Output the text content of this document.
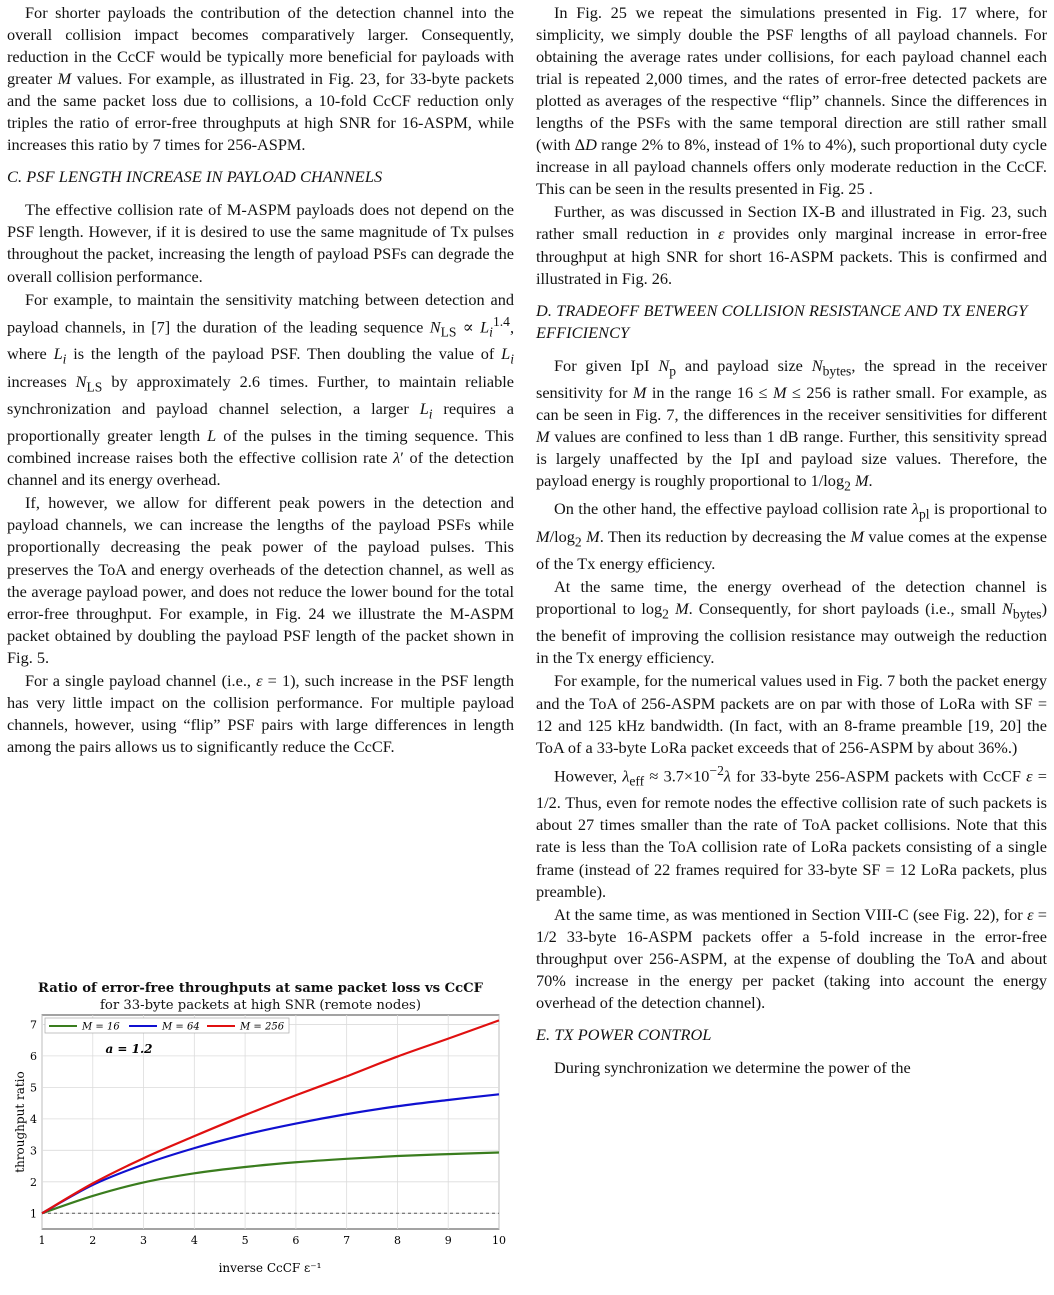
For shorter payloads the contribution of the detection channel into the overall collision impact becomes comparatively larger. Consequently, reduction in the CcCF would be typically more beneficial for payloads with greater M values. For example, as illustrated in Fig. 23, for 33-byte packets and the same packet loss due to collisions, a 10-fold CcCF reduction only triples the ratio of error-free throughputs at high SNR for 16-ASPM, while increases this ratio by 7 times for 256-ASPM.

C. PSF LENGTH INCREASE IN PAYLOAD CHANNELS

The effective collision rate of M-ASPM payloads does not depend on the PSF length. However, if it is desired to use the same magnitude of Tx pulses throughout the packet, increasing the length of payload PSFs can degrade the overall collision performance.

For example, to maintain the sensitivity matching between detection and payload channels, in [7] the duration of the leading sequence $N_{LS} \propto L_i^{1.4}$, where $L_i$ is the length of the payload PSF. Then doubling the value of $L_i$ increases $N_{LS}$ by approximately 2.6 times. Further, to maintain reliable synchronization and payload channel selection, a larger $L_i$ requires a proportionally greater length L of the pulses in the timing sequence. This combined increase raises both the effective collision rate λ′ of the detection channel and its energy overhead.

If, however, we allow for different peak powers in the detection and payload channels, we can increase the lengths of the payload PSFs while proportionally decreasing the peak power of the payload pulses. This preserves the ToA and energy overheads of the detection channel, as well as the average payload power, and does not reduce the lower bound for the total error-free throughput. For example, in Fig. 24 we illustrate the M-ASPM packet obtained by doubling the payload PSF length of the packet shown in Fig. 5.

For a single payload channel (i.e., ε = 1), such increase in the PSF length has very little impact on the collision performance. For multiple payload channels, however, using “flip” PSF pairs with large differences in length among the pairs allows us to significantly reduce the CcCF.

Ratio of error-free throughputs at same packet loss vs CcCF
for 33-byte packets at high SNR (remote nodes)
1	2	3	4	5	6	7	8	9	10
1
2
3
4
5
6
7	M = 16	M = 64	M = 256
a = 1.2
inverse CcCF ε⁻¹
throughput ratio

In Fig. 25 we repeat the simulations presented in Fig. 17 where, for simplicity, we simply double the PSF lengths of all payload channels. For obtaining the average rates under collisions, for each payload channel each trial is repeated 2,000 times, and the rates of error-free detected packets are plotted as averages of the respective “flip” channels. Since the differences in lengths of the PSFs with the same temporal direction are still rather small (with ΔD range 2% to 8%, instead of 1% to 4%), such proportional duty cycle increase in all payload channels offers only moderate reduction in the CcCF. This can be seen in the results presented in Fig. 25 .

Further, as was discussed in Section IX-B and illustrated in Fig. 23, such rather small reduction in ε provides only marginal increase in error-free throughput at high SNR for short 16-ASPM packets. This is confirmed and illustrated in Fig. 26.

D. TRADEOFF BETWEEN COLLISION RESISTANCE AND TX ENERGY EFFICIENCY

For given IpI $N_p$ and payload size $N_{bytes}$, the spread in the receiver sensitivity for M in the range 16 ≤ M ≤ 256 is rather small. For example, as can be seen in Fig. 7, the differences in the receiver sensitivities for different M values are confined to less than 1 dB range. Further, this sensitivity spread is largely unaffected by the IpI and payload size values. Therefore, the payload energy is roughly proportional to $1/\log_2$ M.

On the other hand, the effective payload collision rate $\lambda_{pl}$ is proportional to $M/\log_2$ M. Then its reduction by decreasing the M value comes at the expense of the Tx energy efficiency.

At the same time, the energy overhead of the detection channel is proportional to $\log_2 M$. Consequently, for short payloads (i.e., small $N_{bytes}$) the benefit of improving the collision resistance may outweigh the reduction in the Tx energy efficiency.

For example, for the numerical values used in Fig. 7 both the packet energy and the ToA of 256-ASPM packets are on par with those of LoRa with SF = 12 and 125 kHz bandwidth. (In fact, with an 8-frame preamble [19, 20] the ToA of a 33-byte LoRa packet exceeds that of 256-ASPM by about 36%.)

However, $\lambda_{eff} \approx 3.7\times 10^{-2}\lambda$ for 33-byte 256-ASPM packets with CcCF ε = 1/2. Thus, even for remote nodes the effective collision rate of such packets is about 27 times smaller than the rate of ToA packet collisions. Note that this rate is less than the ToA collision rate of LoRa packets consisting of a single frame (instead of 22 frames required for 33-byte SF = 12 LoRa packets, plus preamble).

At the same time, as was mentioned in Section VIII-C (see Fig. 22), for ε = 1/2 33-byte 16-ASPM packets offer a 5-fold increase in the error-free throughput over 256-ASPM, at the expense of doubling the ToA and about 70% increase in the energy per packet (taking into account the energy overhead of the detection channel).

E. TX POWER CONTROL

During synchronization we determine the power of the
